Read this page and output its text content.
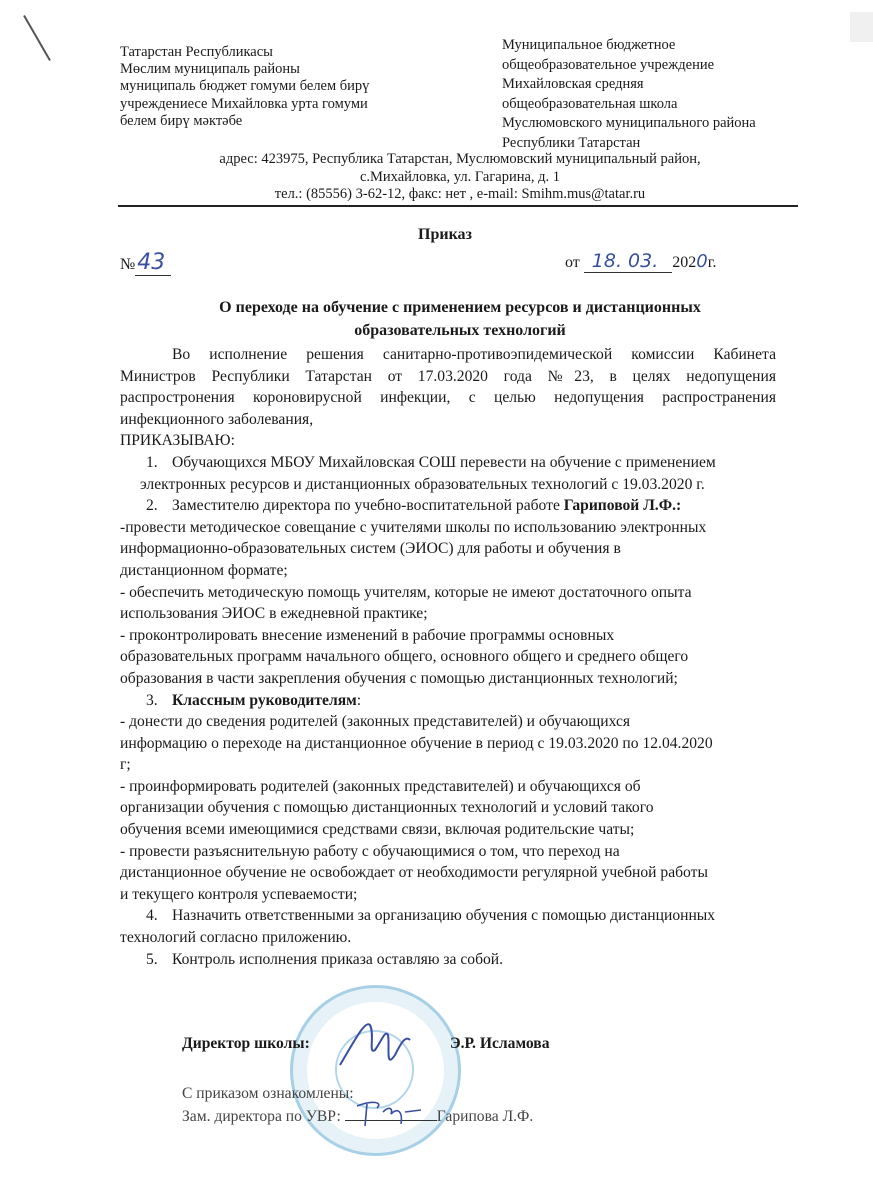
Татарстан Республикасы
Мөслим муниципаль районы
муниципаль бюджет гомуми белем бирү
учреждениесе Михайловка урта гомуми
белем бирү мәктәбе
Муниципальное бюджетное
общеобразовательное учреждение
Михайловская средняя
общеобразовательная школа
Муслюмовского муниципального района
Республики Татарстан
адрес: 423975, Республика Татарстан, Муслюмовский муниципальный район,
с.Михайловка, ул. Гагарина, д. 1
тел.: (85556) 3-62-12, факс: нет , e-mail: Smihm.mus@tatar.ru
Приказ
№43	от 18. 03. 2020г.
О переходе на обучение с применением ресурсов и дистанционных
образовательных технологий
Во исполнение решения санитарно-противоэпидемической комиссии Кабинета
Министров Республики Татарстан от 17.03.2020 года №23, в целях недопущения
распростронения короновирусной инфекции, с целью недопущения распространения
инфекционного заболевания,
ПРИКАЗЫВАЮ:
1. Обучающихся МБОУ Михайловская СОШ перевести на обучение с применением
электронных ресурсов и дистанционных образовательных технологий с 19.03.2020 г.
2. Заместителю директора по учебно-воспитательной работе Гариповой Л.Ф.:
-провести методическое совещание с учителями школы по использованию электронных
информационно-образовательных систем (ЭИОС) для работы и обучения в
дистанционном формате;
- обеспечить методическую помощь учителям, которые не имеют достаточного опыта
использования ЭИОС в ежедневной практике;
- проконтролировать внесение изменений в рабочие программы основных
образовательных программ начального общего, основного общего и среднего общего
образования в части закрепления обучения с помощью дистанционных технологий;
3. Классным руководителям:
- донести до сведения родителей (законных представителей) и обучающихся
информацию о переходе на дистанционное обучение в период с 19.03.2020 по 12.04.2020
г;
- проинформировать родителей (законных представителей) и обучающихся об
организации обучения с помощью дистанционных технологий и условий такого
обучения всеми имеющимися средствами связи, включая родительские чаты;
- провести разъяснительную работу с обучающимися о том, что переход на
дистанционное обучение не освобождает от необходимости регулярной учебной работы
и текущего контроля успеваемости;
4. Назначить ответственными за организацию обучения с помощью дистанционных
технологий согласно приложению.
5. Контроль исполнения приказа оставляю за собой.
Директор школы:	Э.Р. Исламова
С приказом ознакомлены:
Зам. директора по УВР:	Гарипова Л.Ф.
